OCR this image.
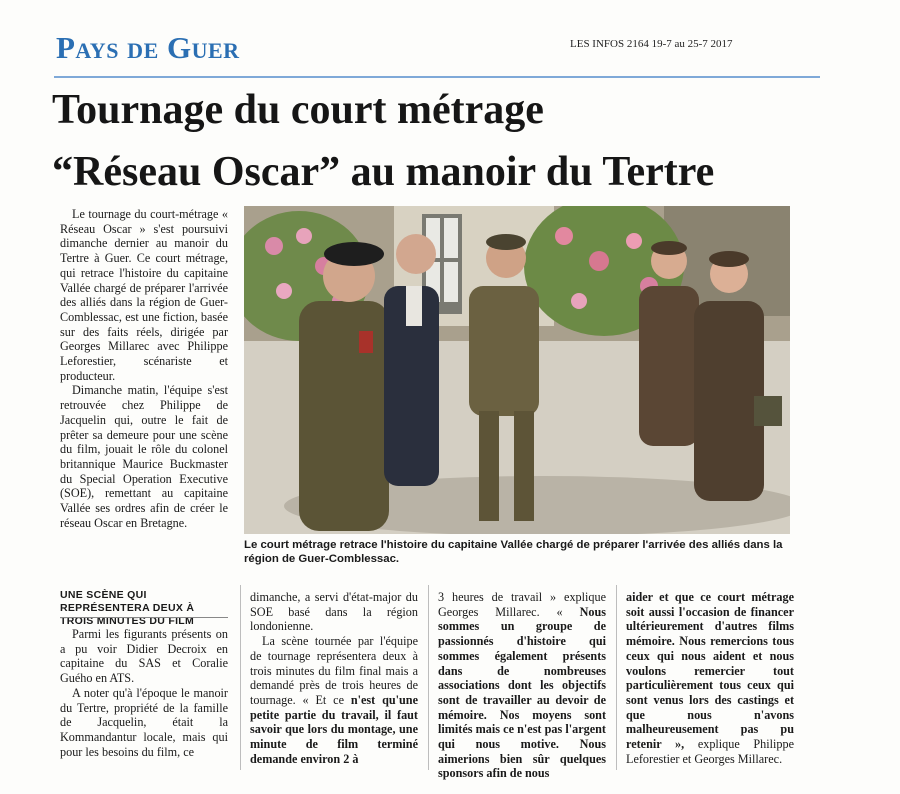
Pays de Guer	LES INFOS 2164 19-7 au 25-7 2017
Tournage du court métrage
“Réseau Oscar” au manoir du Tertre

Le tournage du court-métrage « Réseau Oscar » s'est poursuivi dimanche dernier au manoir du Tertre à Guer. Ce court métrage, qui retrace l'histoire du capitaine Vallée chargé de préparer l'arrivée des alliés dans la région de Guer-Comblessac, est une fiction, basée sur des faits réels, dirigée par Georges Millarec avec Philippe Leforestier, scénariste et producteur.

Dimanche matin, l'équipe s'est retrouvée chez Philippe de Jacquelin qui, outre le fait de prêter sa demeure pour une scène du film, jouait le rôle du colonel britannique Maurice Buckmaster du Special Operation Executive (SOE), remettant au capitaine Vallée ses ordres afin de créer le réseau Oscar en Bretagne.

Le court métrage retrace l'histoire du capitaine Vallée chargé de préparer l'arrivée des alliés dans la région de Guer-Comblessac.
UNE SCÈNE QUI REPRÉSENTERA DEUX À TROIS MINUTES DU FILM

Parmi les figurants présents on a pu voir Didier Decroix en capitaine du SAS et Coralie Guého en ATS.

A noter qu'à l'époque le manoir du Tertre, propriété de la famille de Jacquelin, était la Kommandantur locale, mais qui pour les besoins du film, ce

dimanche, a servi d'état-major du SOE basé dans la région londonienne.

La scène tournée par l'équipe de tournage représentera deux à trois minutes du film final mais a demandé près de trois heures de tournage. « Et ce n'est qu'une petite partie du travail, il faut savoir que lors du montage, une minute de film terminé demande environ 2 à

3 heures de travail » explique Georges Millarec. « Nous sommes un groupe de passionnés d'histoire qui sommes également présents dans de nombreuses associations dont les objectifs sont de travailler au devoir de mémoire. Nos moyens sont limités mais ce n'est pas l'argent qui nous motive. Nous aimerions bien sûr quelques sponsors afin de nous

aider et que ce court métrage soit aussi l'occasion de financer ultérieurement d'autres films mémoire. Nous remercions tous ceux qui nous aident et nous voulons remercier tout particulièrement tous ceux qui sont venus lors des castings et que nous n'avons malheureusement pas pu retenir », explique Philippe Leforestier et Georges Millarec.
